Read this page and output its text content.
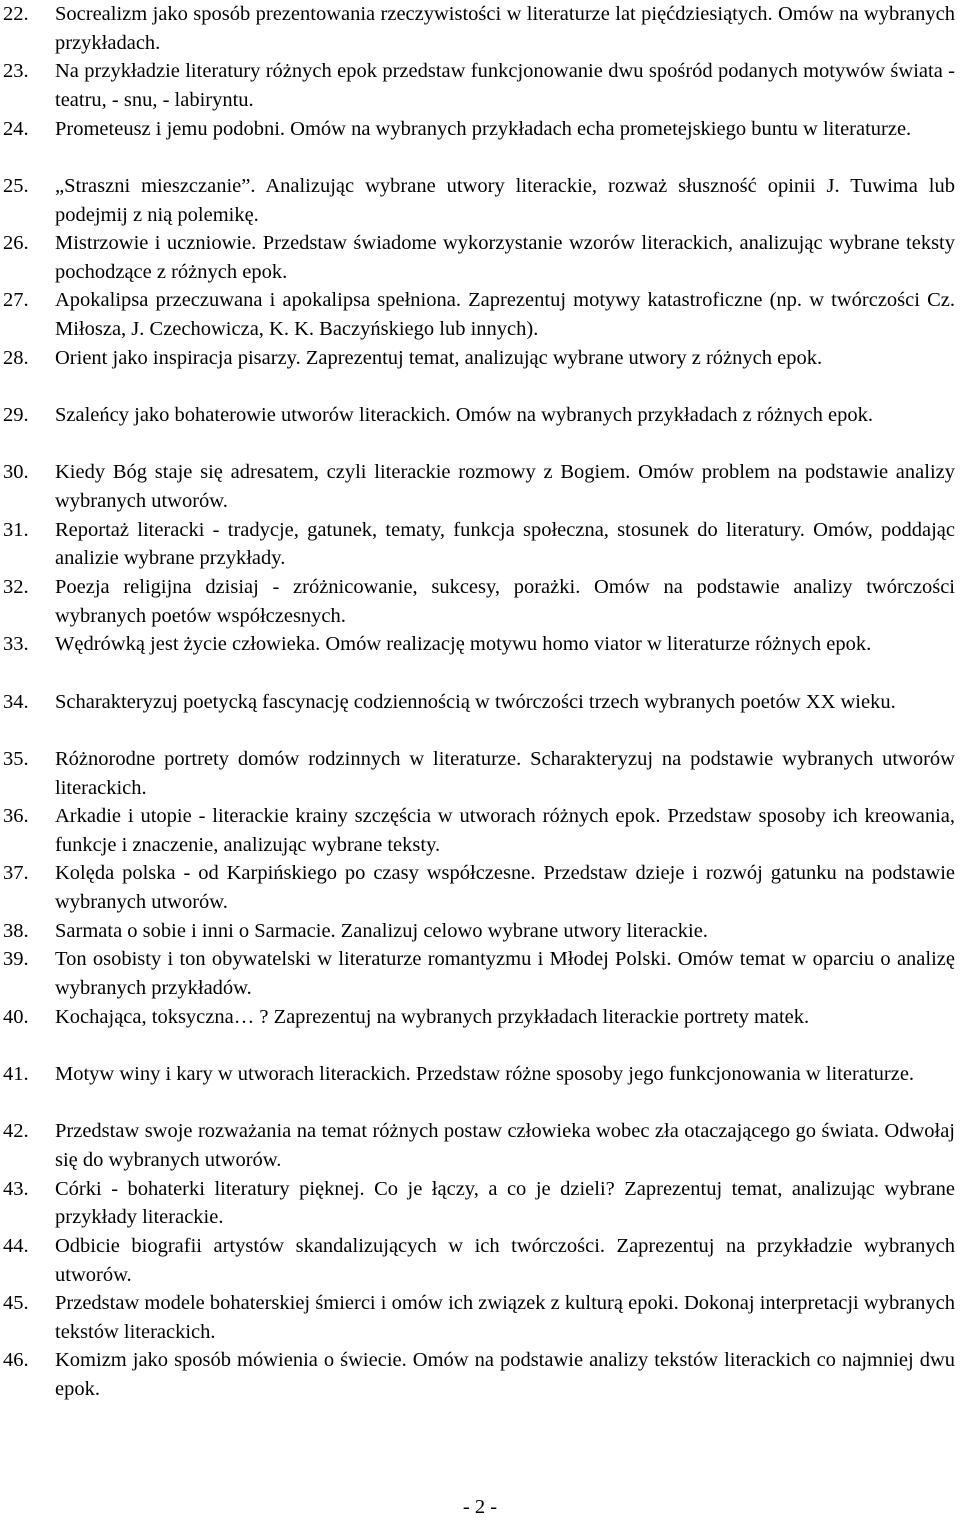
22.	Socrealizm jako sposób prezentowania rzeczywistości w literaturze lat pięćdziesiątych. Omów na wybranych przykładach.
23.	Na przykładzie literatury różnych epok przedstaw funkcjonowanie dwu spośród podanych motywów świata - teatru, - snu, - labiryntu.
24.	Prometeusz i jemu podobni. Omów na wybranych przykładach echa prometejskiego buntu w literaturze.
25.	„Straszni mieszczanie”. Analizując wybrane utwory literackie, rozważ słuszność opinii J. Tuwima lub podejmij z nią polemikę.
26.	Mistrzowie i uczniowie. Przedstaw świadome wykorzystanie wzorów literackich, analizując wybrane teksty pochodzące z różnych epok.
27.	Apokalipsa przeczuwana i apokalipsa spełniona. Zaprezentuj motywy katastroficzne (np. w twórczości Cz. Miłosza, J. Czechowicza, K. K. Baczyńskiego lub innych).
28.	Orient jako inspiracja pisarzy. Zaprezentuj temat, analizując wybrane utwory z różnych epok.
29.	Szaleńcy jako bohaterowie utworów literackich. Omów na wybranych przykładach z różnych epok.
30.	Kiedy Bóg staje się adresatem, czyli literackie rozmowy z Bogiem. Omów problem na podstawie analizy wybranych utworów.
31.	Reportaż literacki - tradycje, gatunek, tematy, funkcja społeczna, stosunek do literatury. Omów, poddając analizie wybrane przykłady.
32.	Poezja religijna dzisiaj - zróżnicowanie, sukcesy, porażki. Omów na podstawie analizy twórczości wybranych poetów współczesnych.
33.	Wędrówką jest życie człowieka. Omów realizację motywu homo viator w literaturze różnych epok.
34.	Scharakteryzuj poetycką fascynację codziennością w twórczości trzech wybranych poetów XX wieku.
35.	Różnorodne portrety domów rodzinnych w literaturze. Scharakteryzuj na podstawie wybranych utworów literackich.
36.	Arkadie i utopie - literackie krainy szczęścia w utworach różnych epok. Przedstaw sposoby ich kreowania, funkcje i znaczenie, analizując wybrane teksty.
37.	Kolęda polska - od Karpińskiego po czasy współczesne. Przedstaw dzieje i rozwój gatunku na podstawie wybranych utworów.
38.	Sarmata o sobie i inni o Sarmacie. Zanalizuj celowo wybrane utwory literackie.
39.	Ton osobisty i ton obywatelski w literaturze romantyzmu i Młodej Polski. Omów temat w oparciu o analizę wybranych przykładów.
40.	Kochająca, toksyczna… ? Zaprezentuj na wybranych przykładach literackie portrety matek.
41.	Motyw winy i kary w utworach literackich. Przedstaw różne sposoby jego funkcjonowania w literaturze.
42.	Przedstaw swoje rozważania na temat różnych postaw człowieka wobec zła otaczającego go świata. Odwołaj się do wybranych utworów.
43.	Córki - bohaterki literatury pięknej. Co je łączy, a co je dzieli? Zaprezentuj temat, analizując wybrane przykłady literackie.
44.	Odbicie biografii artystów skandalizujących w ich twórczości. Zaprezentuj na przykładzie wybranych utworów.
45.	Przedstaw modele bohaterskiej śmierci i omów ich związek z kulturą epoki. Dokonaj interpretacji wybranych tekstów literackich.
46.	Komizm jako sposób mówienia o świecie. Omów na podstawie analizy tekstów literackich co najmniej dwu epok.
- 2 -
